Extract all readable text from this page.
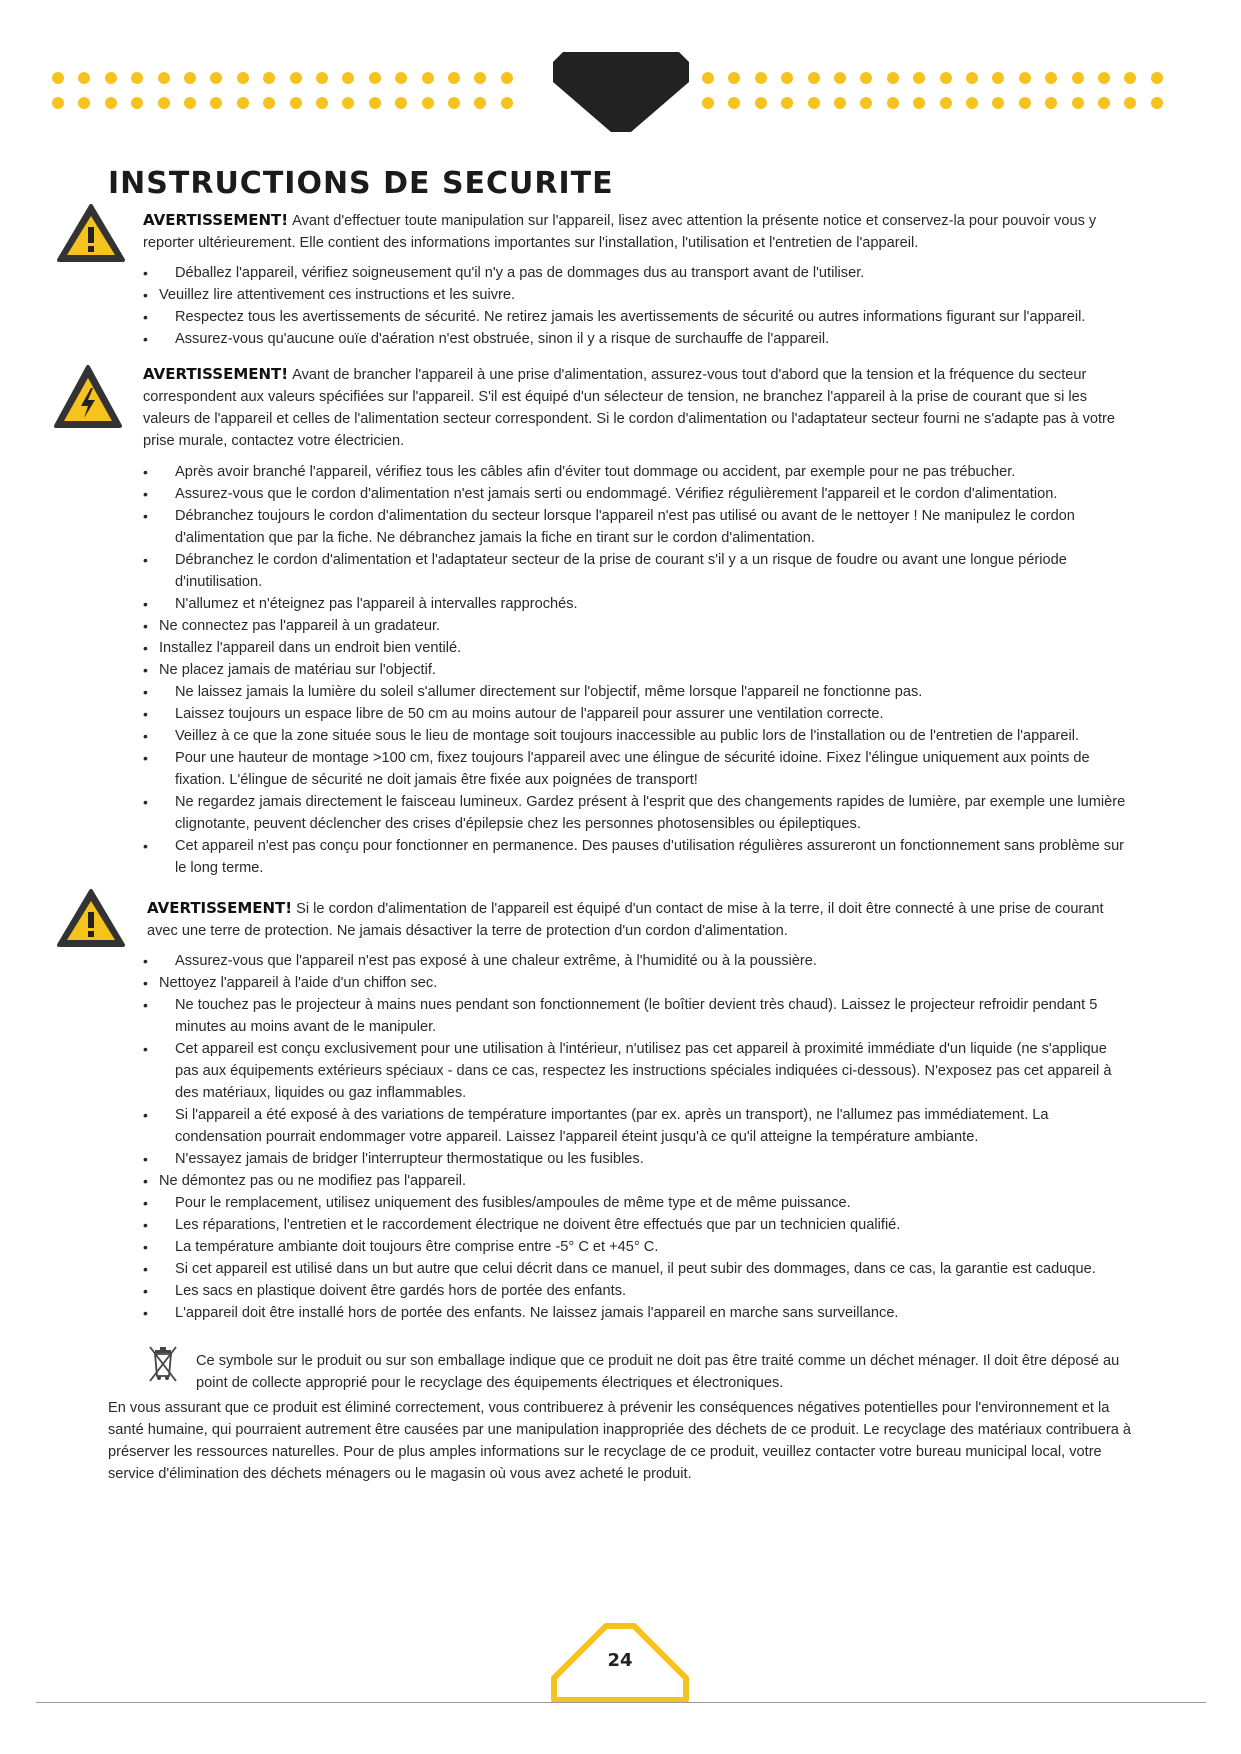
INSTRUCTIONS DE SECURITE
AVERTISSEMENT! Avant d'effectuer toute manipulation sur l'appareil, lisez avec attention la présente notice et conservez-la pour pouvoir vous y reporter ultérieurement. Elle contient des informations importantes sur l'installation, l'utilisation et l'entretien de l'appareil.
• Déballez l'appareil, vérifiez soigneusement qu'il n'y a pas de dommages dus au transport avant de l'utiliser.
• Veuillez lire attentivement ces instructions et les suivre.
• Respectez tous les avertissements de sécurité. Ne retirez jamais les avertissements de sécurité ou autres informations figurant sur l'appareil.
• Assurez-vous qu'aucune ouïe d'aération n'est obstruée, sinon il y a risque de surchauffe de l'appareil.
AVERTISSEMENT! Avant de brancher l'appareil à une prise d'alimentation, assurez-vous tout d'abord que la tension et la fréquence du secteur correspondent aux valeurs spécifiées sur l'appareil. S'il est équipé d'un sélecteur de tension, ne branchez l'appareil à la prise de courant que si les valeurs de l'appareil et celles de l'alimentation secteur correspondent. Si le cordon d'alimentation ou l'adaptateur secteur fourni ne s'adapte pas à votre prise murale, contactez votre électricien.
• Après avoir branché l'appareil, vérifiez tous les câbles afin d'éviter tout dommage ou accident, par exemple pour ne pas trébucher.
• Assurez-vous que le cordon d'alimentation n'est jamais serti ou endommagé. Vérifiez régulièrement l'appareil et le cordon d'alimentation.
• Débranchez toujours le cordon d'alimentation du secteur lorsque l'appareil n'est pas utilisé ou avant de le nettoyer ! Ne manipulez le cordon d'alimentation que par la fiche. Ne débranchez jamais la fiche en tirant sur le cordon d'alimentation.
• Débranchez le cordon d'alimentation et l'adaptateur secteur de la prise de courant s'il y a un risque de foudre ou avant une longue période d'inutilisation.
• N'allumez et n'éteignez pas l'appareil à intervalles rapprochés.
• Ne connectez pas l'appareil à un gradateur.
• Installez l'appareil dans un endroit bien ventilé.
• Ne placez jamais de matériau sur l'objectif.
• Ne laissez jamais la lumière du soleil s'allumer directement sur l'objectif, même lorsque l'appareil ne fonctionne pas.
• Laissez toujours un espace libre de 50 cm au moins autour de l'appareil pour assurer une ventilation correcte.
• Veillez à ce que la zone située sous le lieu de montage soit toujours inaccessible au public lors de l'installation ou de l'entretien de l'appareil.
• Pour une hauteur de montage >100 cm, fixez toujours l'appareil avec une élingue de sécurité idoine. Fixez l'élingue uniquement aux points de fixation. L'élingue de sécurité ne doit jamais être fixée aux poignées de transport!
• Ne regardez jamais directement le faisceau lumineux. Gardez présent à l'esprit que des changements rapides de lumière, par exemple une lumière clignotante, peuvent déclencher des crises d'épilepsie chez les personnes photosensibles ou épileptiques.
• Cet appareil n'est pas conçu pour fonctionner en permanence. Des pauses d'utilisation régulières assureront un fonctionnement sans problème sur le long terme.
AVERTISSEMENT! Si le cordon d'alimentation de l'appareil est équipé d'un contact de mise à la terre, il doit être connecté à une prise de courant avec une terre de protection. Ne jamais désactiver la terre de protection d'un cordon d'alimentation.
• Assurez-vous que l'appareil n'est pas exposé à une chaleur extrême, à l'humidité ou à la poussière.
• Nettoyez l'appareil à l'aide d'un chiffon sec.
• Ne touchez pas le projecteur à mains nues pendant son fonctionnement (le boîtier devient très chaud). Laissez le projecteur refroidir pendant 5 minutes au moins avant de le manipuler.
• Cet appareil est conçu exclusivement pour une utilisation à l'intérieur, n'utilisez pas cet appareil à proximité immédiate d'un liquide (ne s'applique pas aux équipements extérieurs spéciaux - dans ce cas, respectez les instructions spéciales indiquées ci-dessous). N'exposez pas cet appareil à des matériaux, liquides ou gaz inflammables.
• Si l'appareil a été exposé à des variations de température importantes (par ex. après un transport), ne l'allumez pas immédiatement. La condensation pourrait endommager votre appareil. Laissez l'appareil éteint jusqu'à ce qu'il atteigne la température ambiante.
• N'essayez jamais de bridger l'interrupteur thermostatique ou les fusibles.
• Ne démontez pas ou ne modifiez pas l'appareil.
• Pour le remplacement, utilisez uniquement des fusibles/ampoules de même type et de même puissance.
• Les réparations, l'entretien et le raccordement électrique ne doivent être effectués que par un technicien qualifié.
• La température ambiante doit toujours être comprise entre -5° C et +45° C.
• Si cet appareil est utilisé dans un but autre que celui décrit dans ce manuel, il peut subir des dommages, dans ce cas, la garantie est caduque.
• Les sacs en plastique doivent être gardés hors de portée des enfants.
• L'appareil doit être installé hors de portée des enfants. Ne laissez jamais l'appareil en marche sans surveillance.
Ce symbole sur le produit ou sur son emballage indique que ce produit ne doit pas être traité comme un déchet ménager. Il doit être déposé au point de collecte approprié pour le recyclage des équipements électriques et électroniques.
En vous assurant que ce produit est éliminé correctement, vous contribuerez à prévenir les conséquences négatives potentielles pour l'environnement et la santé humaine, qui pourraient autrement être causées par une manipulation inappropriée des déchets de ce produit. Le recyclage des matériaux contribuera à préserver les ressources naturelles. Pour de plus amples informations sur le recyclage de ce produit, veuillez contacter votre bureau municipal local, votre service d'élimination des déchets ménagers ou le magasin où vous avez acheté le produit.
24
